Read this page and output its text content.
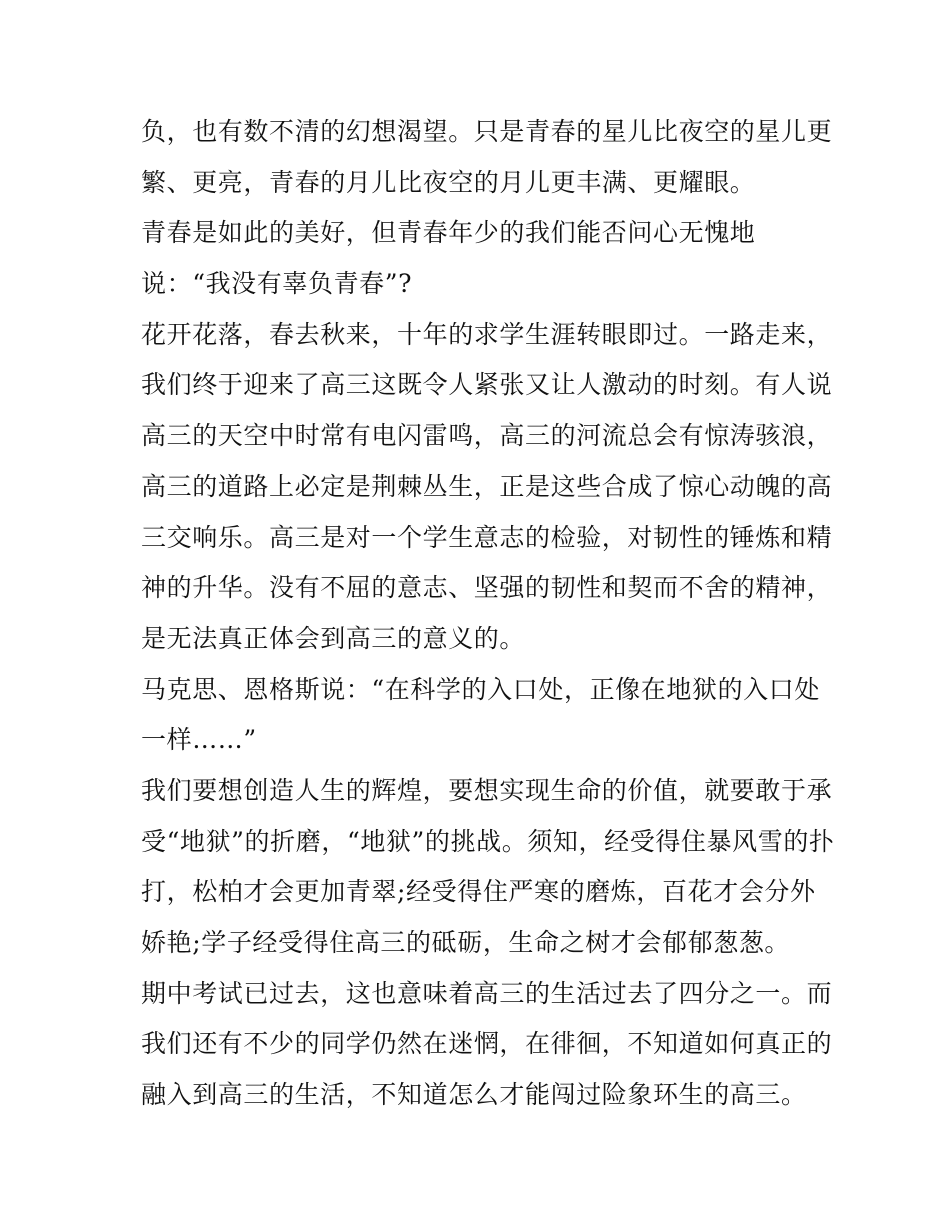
负，也有数不清的幻想渴望。只是青春的星儿比夜空的星儿更
繁、更亮，青春的月儿比夜空的月儿更丰满、更耀眼。
青春是如此的美好，但青春年少的我们能否问心无愧地
说：“我没有辜负青春”?
花开花落，春去秋来，十年的求学生涯转眼即过。一路走来，
我们终于迎来了高三这既令人紧张又让人激动的时刻。有人说
高三的天空中时常有电闪雷鸣，高三的河流总会有惊涛骇浪，
高三的道路上必定是荆棘丛生，正是这些合成了惊心动魄的高
三交响乐。高三是对一个学生意志的检验，对韧性的锤炼和精
神的升华。没有不屈的意志、坚强的韧性和契而不舍的精神，
是无法真正体会到高三的意义的。
马克思、恩格斯说：“在科学的入口处，正像在地狱的入口处
一样……”
我们要想创造人生的辉煌，要想实现生命的价值，就要敢于承
受“地狱”的折磨，“地狱”的挑战。须知，经受得住暴风雪的扑
打，松柏才会更加青翠;经受得住严寒的磨炼，百花才会分外
娇艳;学子经受得住高三的砥砺，生命之树才会郁郁葱葱。
期中考试已过去，这也意味着高三的生活过去了四分之一。而
我们还有不少的同学仍然在迷惘，在徘徊，不知道如何真正的
融入到高三的生活，不知道怎么才能闯过险象环生的高三。
